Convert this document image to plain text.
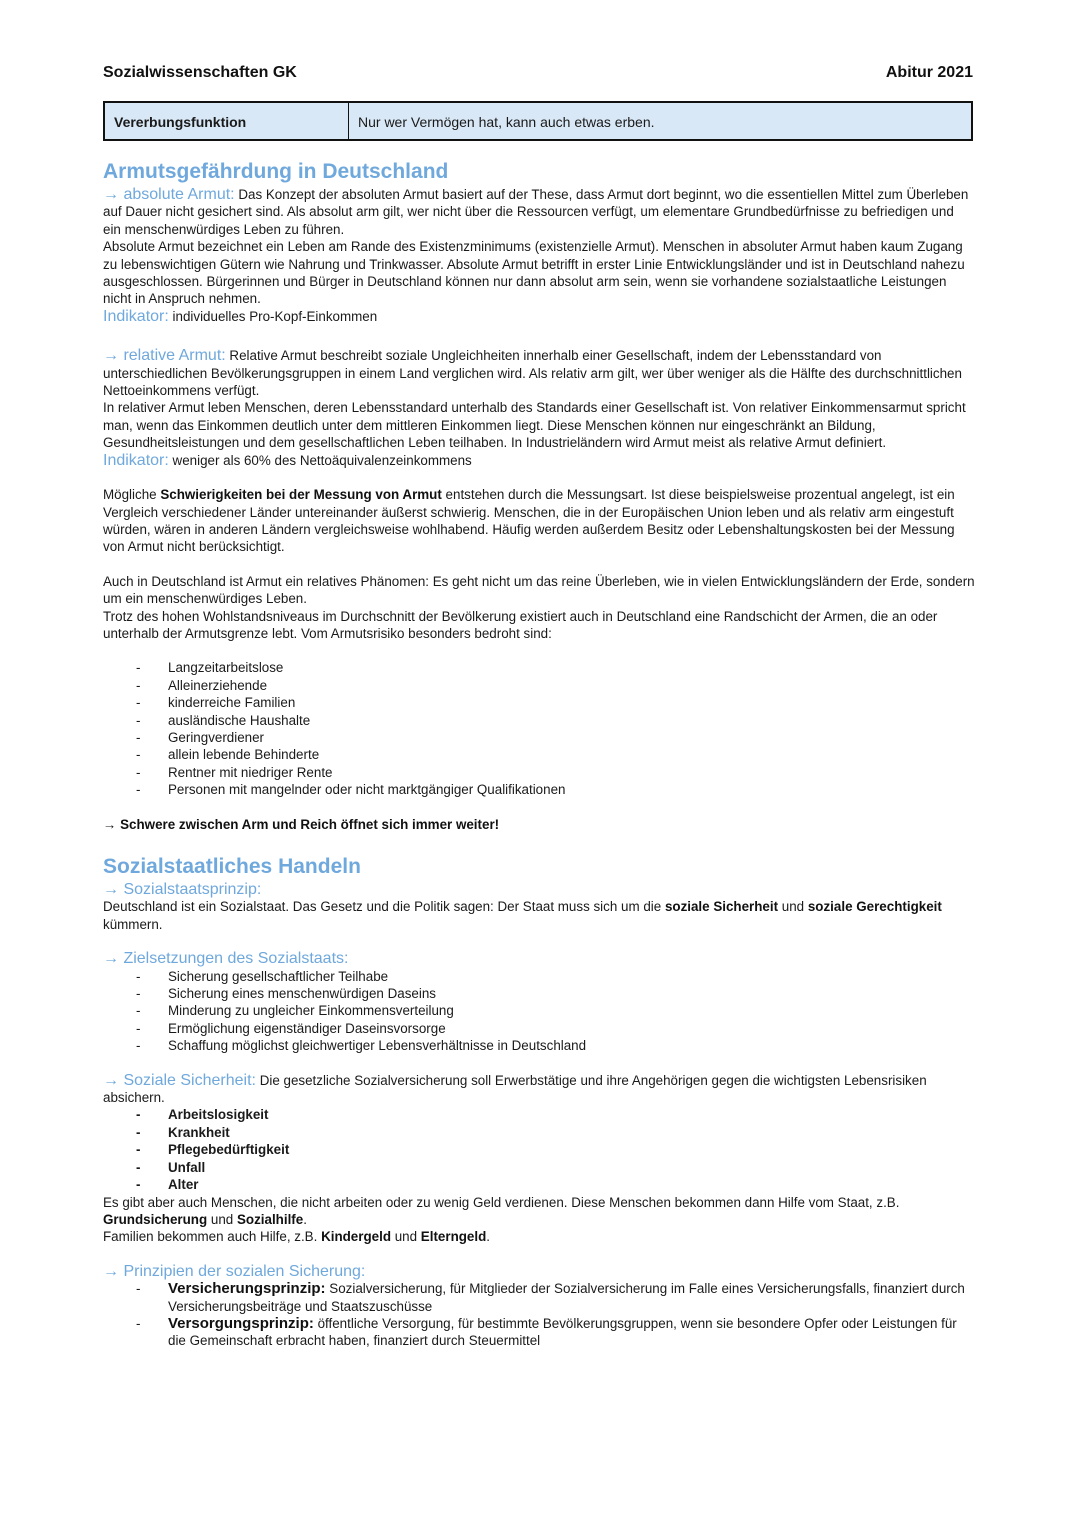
Sozialwissenschaften GK	Abitur 2021
Vererbungsfunktion	Nur wer Vermögen hat, kann auch etwas erben.
Armutsgefährdung in Deutschland

→ absolute Armut: Das Konzept der absoluten Armut basiert auf der These, dass Armut dort beginnt, wo die essentiellen Mittel zum Überleben auf Dauer nicht gesichert sind. Als absolut arm gilt, wer nicht über die Ressourcen verfügt, um elementare Grundbedürfnisse zu befriedigen und ein menschenwürdiges Leben zu führen.

Absolute Armut bezeichnet ein Leben am Rande des Existenzminimums (existenzielle Armut). Menschen in absoluter Armut haben kaum Zugang zu lebenswichtigen Gütern wie Nahrung und Trinkwasser. Absolute Armut betrifft in erster Linie Entwicklungsländer und ist in Deutschland nahezu ausgeschlossen. Bürgerinnen und Bürger in Deutschland können nur dann absolut arm sein, wenn sie vorhandene sozialstaatliche Leistungen nicht in Anspruch nehmen.

Indikator: individuelles Pro-Kopf-Einkommen

→ relative Armut: Relative Armut beschreibt soziale Ungleichheiten innerhalb einer Gesellschaft, indem der Lebensstandard von unterschiedlichen Bevölkerungsgruppen in einem Land verglichen wird. Als relativ arm gilt, wer über weniger als die Hälfte des durchschnittlichen Nettoeinkommens verfügt.

In relativer Armut leben Menschen, deren Lebensstandard unterhalb des Standards einer Gesellschaft ist. Von relativer Einkommensarmut spricht man, wenn das Einkommen deutlich unter dem mittleren Einkommen liegt. Diese Menschen können nur eingeschränkt an Bildung, Gesundheitsleistungen und dem gesellschaftlichen Leben teilhaben. In Industrieländern wird Armut meist als relative Armut definiert.

Indikator: weniger als 60% des Nettoäquivalenzeinkommens

Mögliche Schwierigkeiten bei der Messung von Armut entstehen durch die Messungsart. Ist diese beispielsweise prozentual angelegt, ist ein Vergleich verschiedener Länder untereinander äußerst schwierig. Menschen, die in der Europäischen Union leben und als relativ arm eingestuft würden, wären in anderen Ländern vergleichsweise wohlhabend. Häufig werden außerdem Besitz oder Lebenshaltungskosten bei der Messung von Armut nicht berücksichtigt.

Auch in Deutschland ist Armut ein relatives Phänomen: Es geht nicht um das reine Überleben, wie in vielen Entwicklungsländern der Erde, sondern um ein menschenwürdiges Leben.

Trotz des hohen Wohlstandsniveaus im Durchschnitt der Bevölkerung existiert auch in Deutschland eine Randschicht der Armen, die an oder unterhalb der Armutsgrenze lebt. Vom Armutsrisiko besonders bedroht sind:

- Langzeitarbeitslose
- Alleinerziehende
- kinderreiche Familien
- ausländische Haushalte
- Geringverdiener
- allein lebende Behinderte
- Rentner mit niedriger Rente
- Personen mit mangelnder oder nicht marktgängiger Qualifikationen

→ Schwere zwischen Arm und Reich öffnet sich immer weiter!

Sozialstaatliches Handeln

→ Sozialstaatsprinzip:

Deutschland ist ein Sozialstaat. Das Gesetz und die Politik sagen: Der Staat muss sich um die soziale Sicherheit und soziale Gerechtigkeit kümmern.

→ Zielsetzungen des Sozialstaats:

- Sicherung gesellschaftlicher Teilhabe
- Sicherung eines menschenwürdigen Daseins
- Minderung zu ungleicher Einkommensverteilung
- Ermöglichung eigenständiger Daseinsvorsorge
- Schaffung möglichst gleichwertiger Lebensverhältnisse in Deutschland

→ Soziale Sicherheit: Die gesetzliche Sozialversicherung soll Erwerbstätige und ihre Angehörigen gegen die wichtigsten Lebensrisiken absichern.

- Arbeitslosigkeit
- Krankheit
- Pflegebedürftigkeit
- Unfall
- Alter

Es gibt aber auch Menschen, die nicht arbeiten oder zu wenig Geld verdienen. Diese Menschen bekommen dann Hilfe vom Staat, z.B. Grundsicherung und Sozialhilfe.

Familien bekommen auch Hilfe, z.B. Kindergeld und Elterngeld.

→ Prinzipien der sozialen Sicherung:

- Versicherungsprinzip: Sozialversicherung, für Mitglieder der Sozialversicherung im Falle eines Versicherungsfalls, finanziert durch Versicherungsbeiträge und Staatszuschüsse
- Versorgungsprinzip: öffentliche Versorgung, für bestimmte Bevölkerungsgruppen, wenn sie besondere Opfer oder Leistungen für die Gemeinschaft erbracht haben, finanziert durch Steuermittel
